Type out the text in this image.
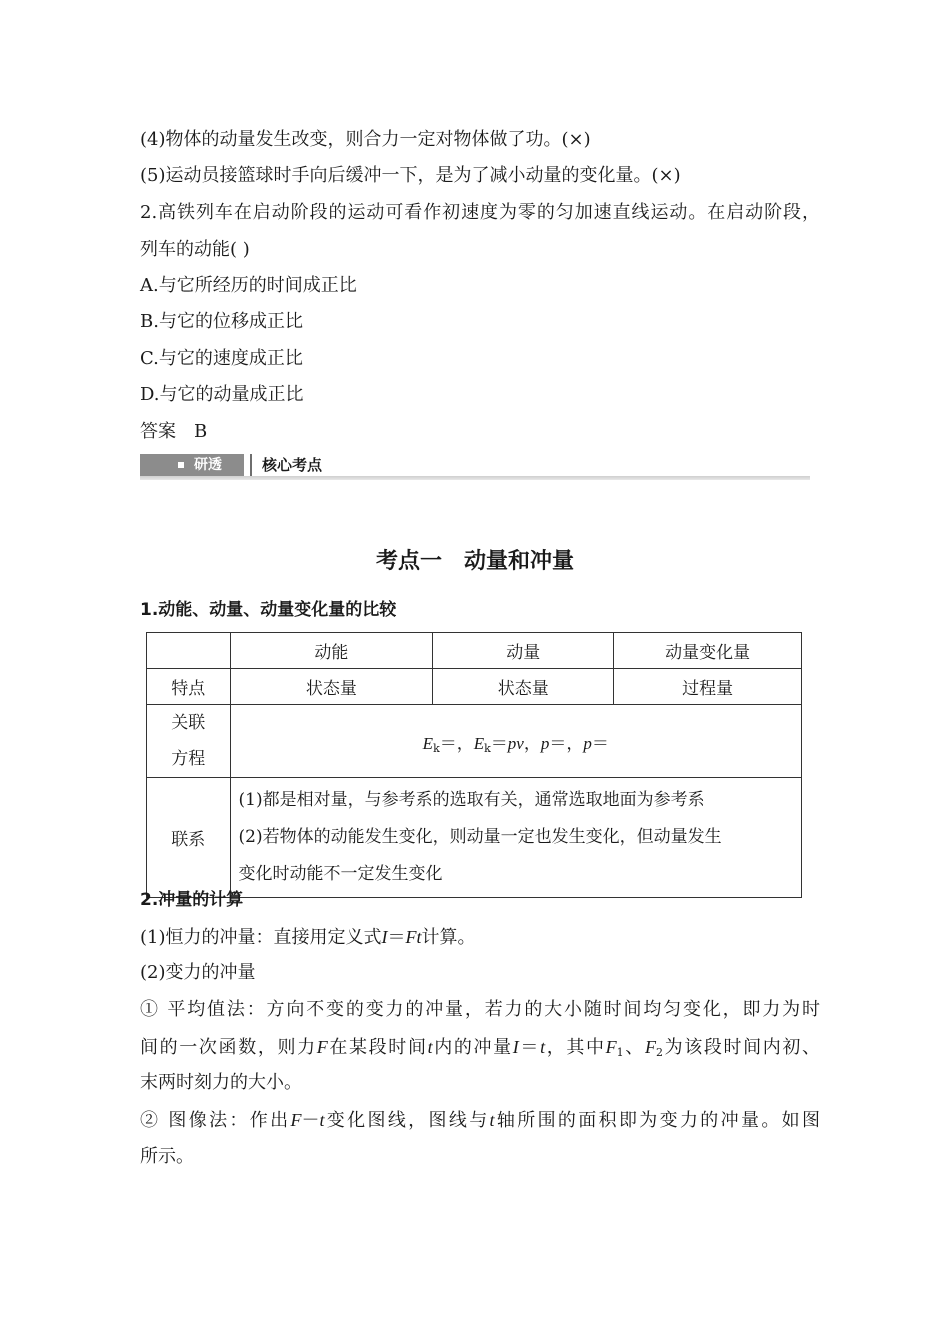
(4)物体的动量发生改变，则合力一定对物体做了功。(×)
(5)运动员接篮球时手向后缓冲一下，是为了减小动量的变化量。(×)
2.高铁列车在启动阶段的运动可看作初速度为零的匀加速直线运动。在启动阶段，
列车的动能( )
A.与它所经历的时间成正比
B.与它的位移成正比
C.与它的速度成正比
D.与它的动量成正比
答案　B
研透	核心考点
考点一　动量和冲量
1.动能、动量、动量变化量的比较
	动能	动量	动量变化量
特点	状态量	状态量	过程量

关联
方程	$E_k=$，$E_k=pv$，p＝，p＝		
联系	(1)都是相对量，与参考系的选取有关，通常选取地面为参考系
(2)若物体的动能发生变化，则动量一定也发生变化，但动量发生
变化时动能不一定发生变化		
2.冲量的计算
(1)恒力的冲量：直接用定义式I＝Ft计算。
(2)变力的冲量
① 平均值法：方向不变的变力的冲量，若力的大小随时间均匀变化，即力为时
间的一次函数，则力F在某段时间t内的冲量I＝t，其中$F_1$、$F_2$为该段时间内初、
末两时刻力的大小。
② 图像法：作出F－t变化图线，图线与t轴所围的面积即为变力的冲量。如图
所示。
